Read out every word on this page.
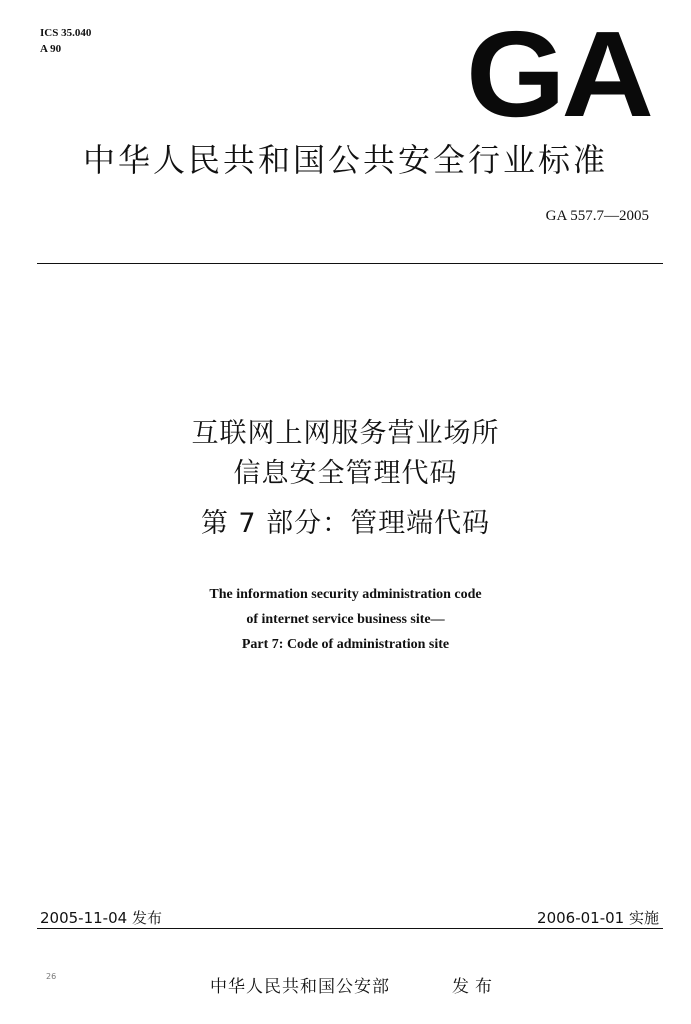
ICS 35.040
A 90	GA
中华人民共和国公共安全行业标准
GA 557.7—2005
互联网上网服务营业场所
信息安全管理代码
第 7 部分：管理端代码
The information security administration code
of internet service business site—
Part 7: Code of administration site
2005-11-04 发布	2006-01-01 实施
26
中华人民共和国公安部	发布
